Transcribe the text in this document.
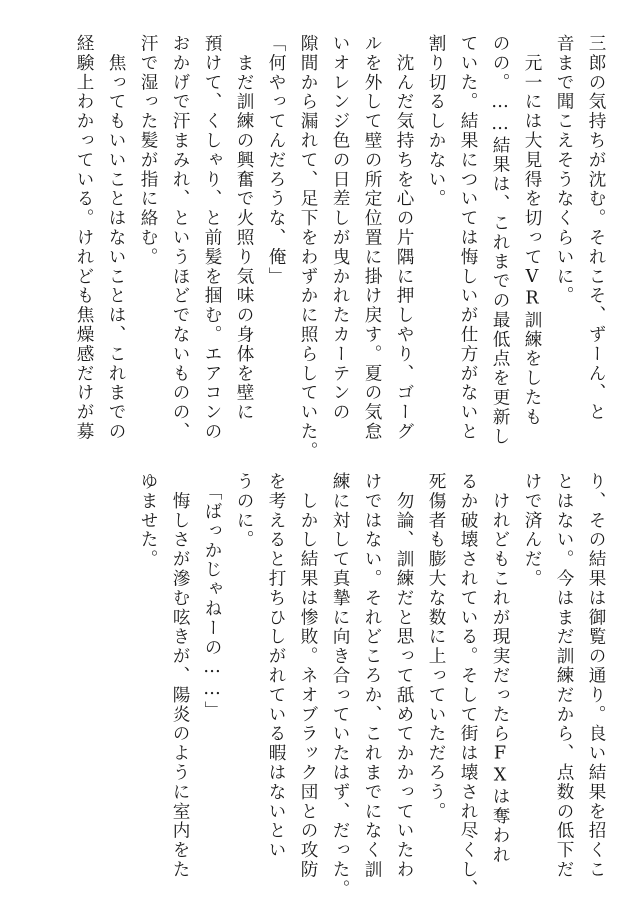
三郎の気持ちが沈む。それこそ、ずーん、と
音まで聞こえそうなくらいに。
　元一には大見得を切ってVR訓練をしたも
のの。……結果は、これまでの最低点を更新し
ていた。結果については悔しいが仕方がないと
割り切るしかない。
　沈んだ気持ちを心の片隅に押しやり、ゴーグ
ルを外して壁の所定位置に掛け戻す。夏の気怠
いオレンジ色の日差しが曳かれたカーテンの
隙間から漏れて、足下をわずかに照らしていた。
「何やってんだろうな、俺」
　まだ訓練の興奮で火照り気味の身体を壁に
預けて、くしゃり、と前髪を掴む。エアコンの
おかげで汗まみれ、というほどでないものの、
汗で湿った髪が指に絡む。
　焦ってもいいことはないことは、これまでの
経験上わかっている。けれども焦燥感だけが募
り、その結果は御覧の通り。良い結果を招くこ
とはない。今はまだ訓練だから、点数の低下だ
けで済んだ。
　けれどもこれが現実だったらFXは奪われ
るか破壊されている。そして街は壊され尽くし、
死傷者も膨大な数に上っていただろう。
　勿論、訓練だと思って舐めてかかっていたわ
けではない。それどころか、これまでになく訓
練に対して真摯に向き合っていたはず、だった。
　しかし結果は惨敗。ネオブラック団との攻防
を考えると打ちひしがれている暇はないとい
うのに。
　「ばっかじゃねーの……」
　悔しさが滲む呟きが、陽炎のように室内をた
ゆませた。
